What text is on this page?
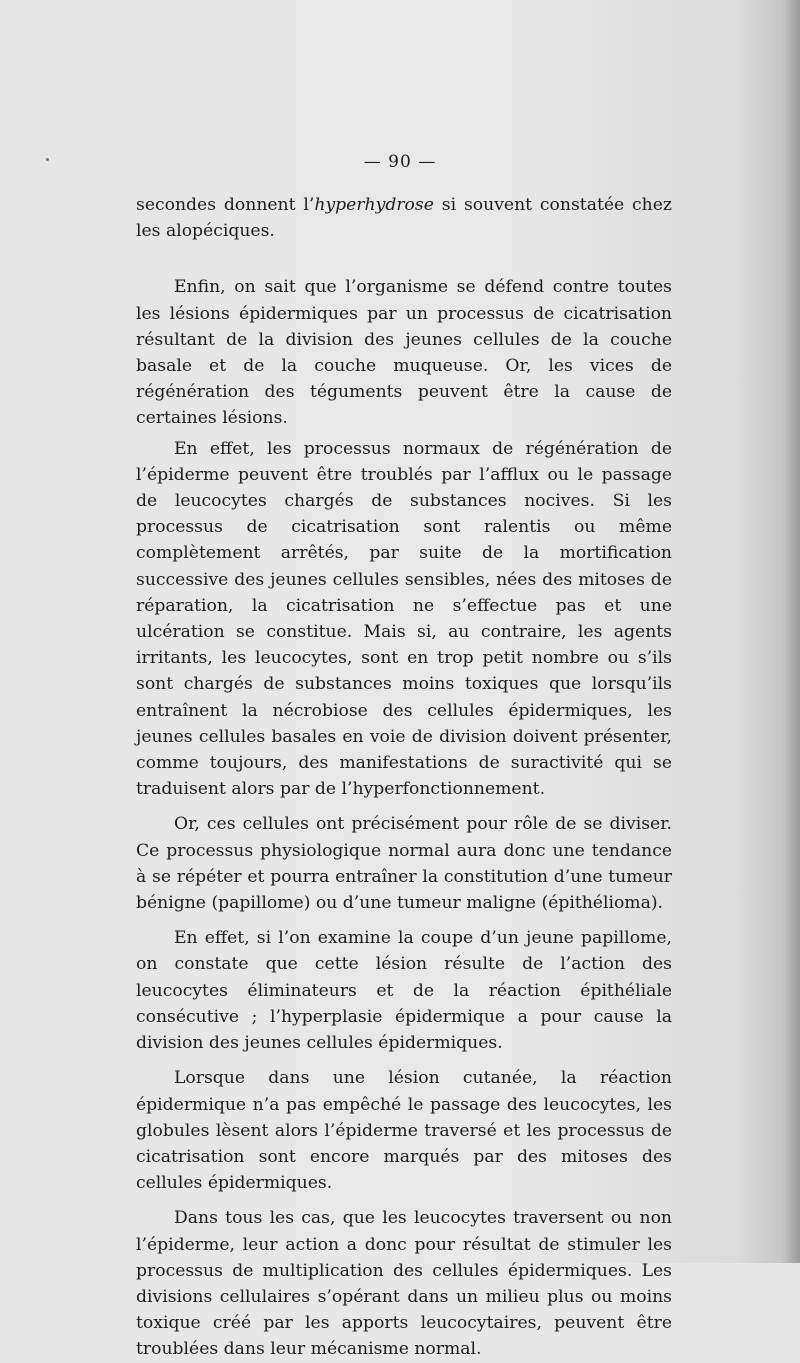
— 90 —

secondes donnent l’hyperhydrose si souvent constatée chez les alopéciques.

Enfin, on sait que l’organisme se défend contre toutes les lésions épidermiques par un processus de cicatrisation résultant de la division des jeunes cellules de la couche basale et de la couche muqueuse. Or, les vices de régénération des téguments peuvent être la cause de certaines lésions.

En effet, les processus normaux de régénération de l’épiderme peuvent être troublés par l’afflux ou le passage de leucocytes chargés de substances nocives. Si les processus de cicatrisation sont ralentis ou même complètement arrêtés, par suite de la mortification successive des jeunes cellules sensibles, nées des mitoses de réparation, la cicatrisation ne s’effectue pas et une ulcération se constitue. Mais si, au contraire, les agents irritants, les leucocytes, sont en trop petit nombre ou s’ils sont chargés de substances moins toxiques que lorsqu’ils entraînent la nécrobiose des cellules épidermiques, les jeunes cellules basales en voie de division doivent présenter, comme toujours, des manifestations de suractivité qui se traduisent alors par de l’hyperfonctionnement.

Or, ces cellules ont précisément pour rôle de se diviser. Ce processus physiologique normal aura donc une tendance à se répéter et pourra entraîner la constitution d’une tumeur bénigne (papillome) ou d’une tumeur maligne (épithélioma).

En effet, si l’on examine la coupe d’un jeune papillome, on constate que cette lésion résulte de l’action des leucocytes éliminateurs et de la réaction épithéliale consécutive ; l’hyperplasie épidermique a pour cause la division des jeunes cellules épidermiques.

Lorsque dans une lésion cutanée, la réaction épidermique n’a pas empêché le passage des leucocytes, les globules lèsent alors l’épiderme traversé et les processus de cicatrisation sont encore marqués par des mitoses des cellules épidermiques.

Dans tous les cas, que les leucocytes traversent ou non l’épiderme, leur action a donc pour résultat de stimuler les processus de multiplication des cellules épidermiques. Les divisions cellulaires s’opérant dans un milieu plus ou moins toxique créé par les apports leucocytaires, peuvent être troublées dans leur mécanisme normal.
